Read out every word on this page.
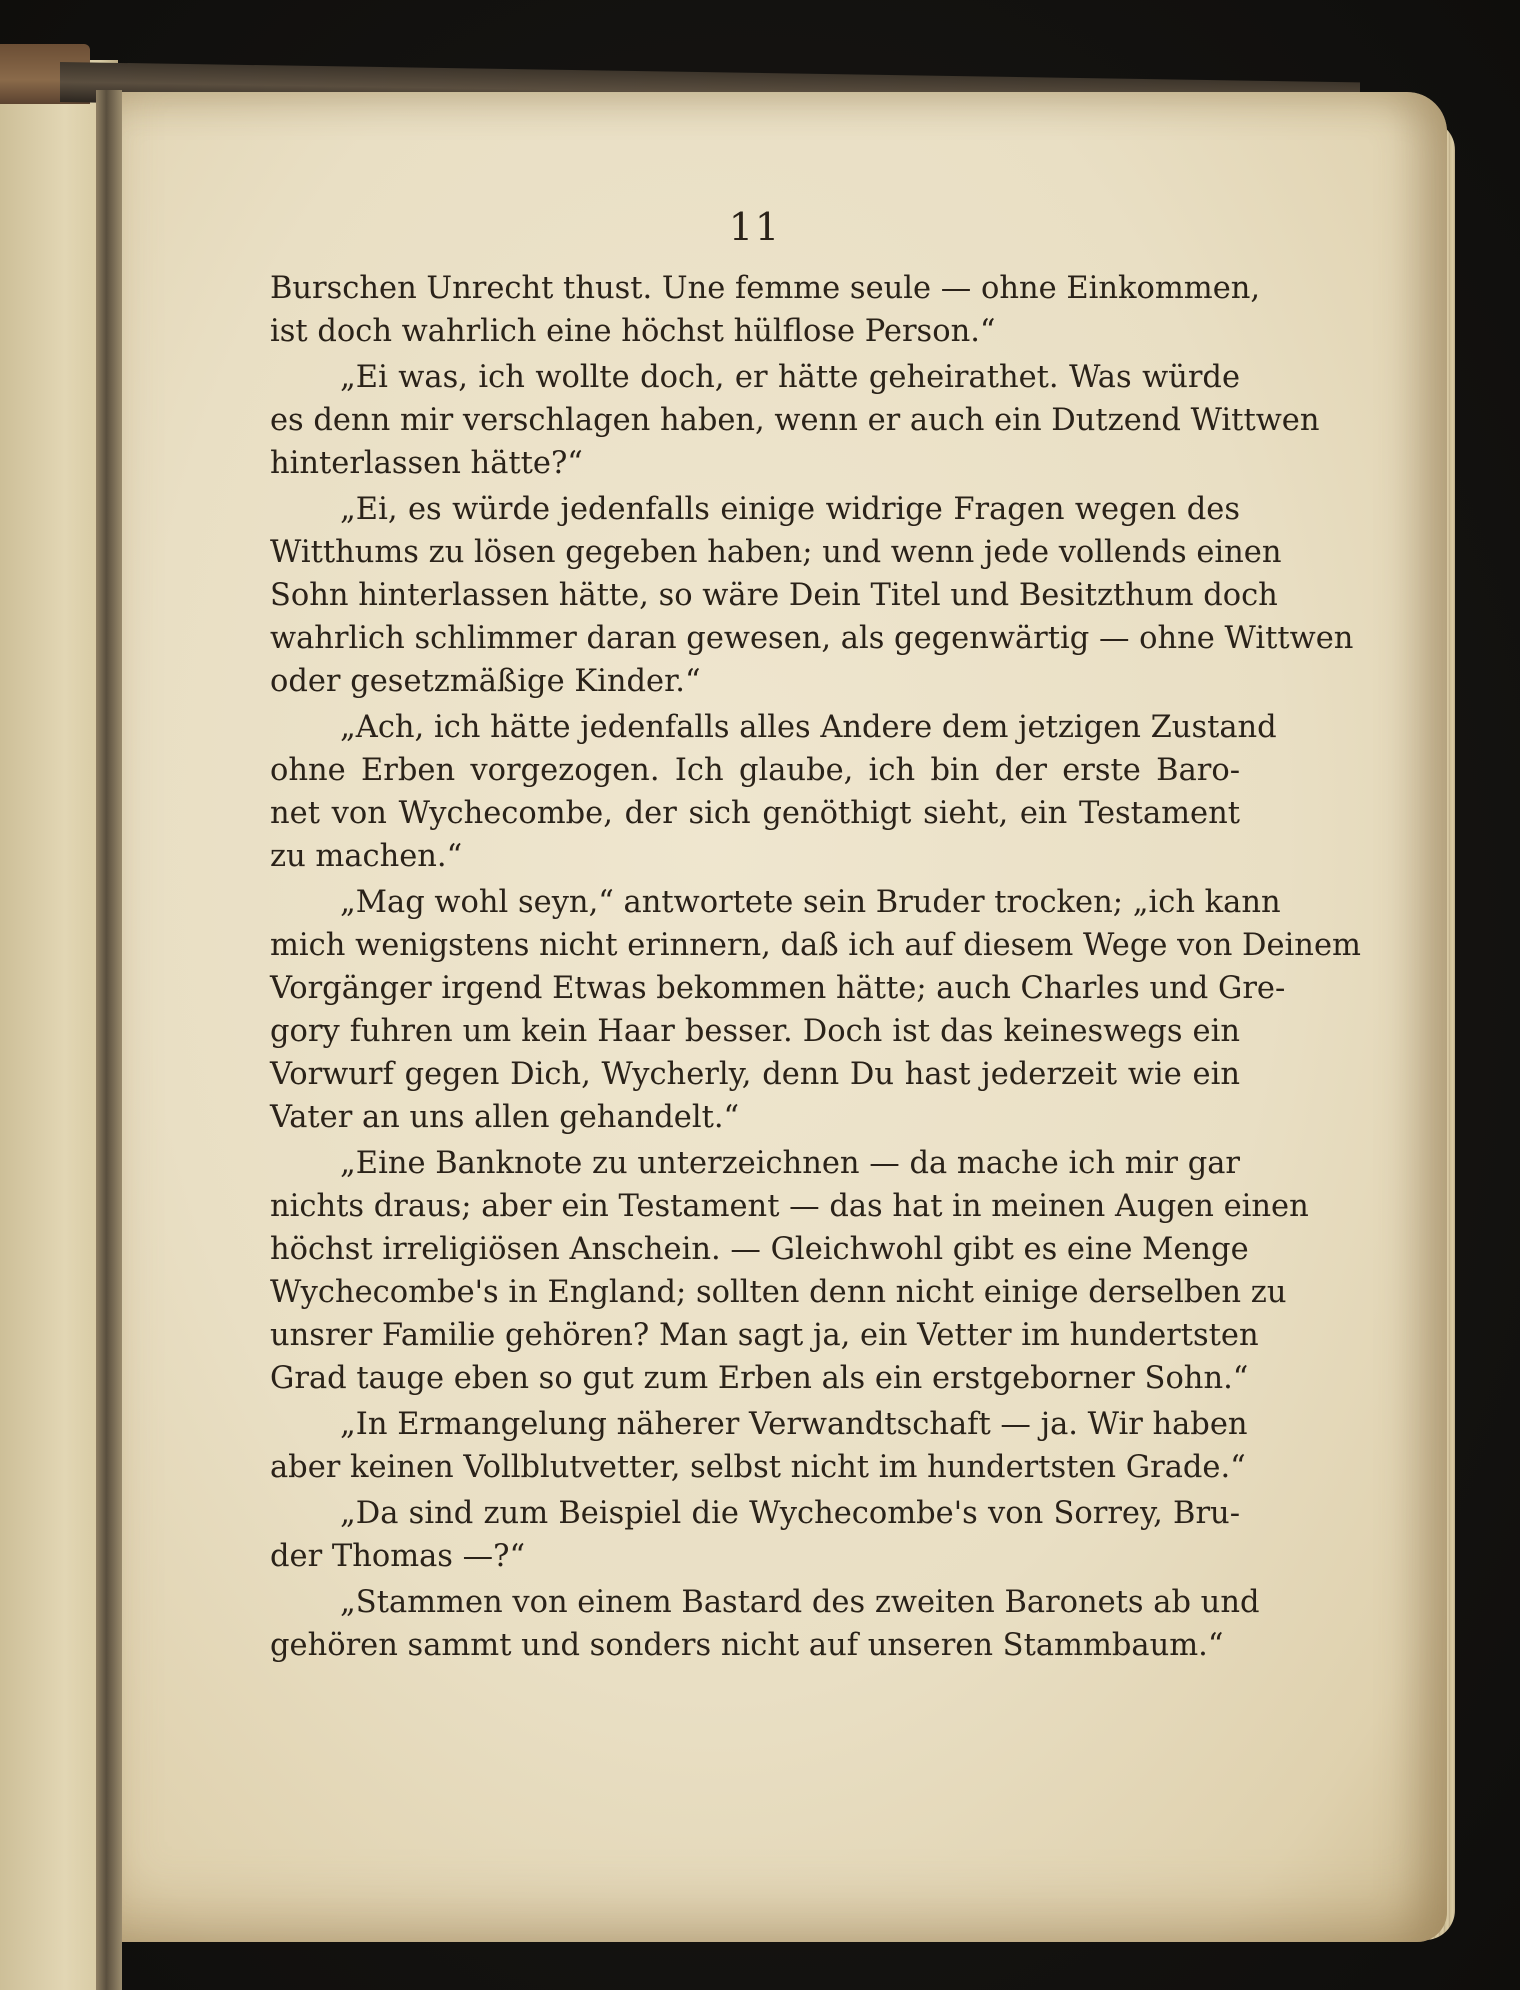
11
Burschen Unrecht thust. Une femme seule — ohne Einkommen,
ist doch wahrlich eine höchst hülflose Person.“
„Ei was, ich wollte doch, er hätte geheirathet. Was würde
es denn mir verschlagen haben, wenn er auch ein Dutzend Wittwen
hinterlassen hätte?“
„Ei, es würde jedenfalls einige widrige Fragen wegen des
Witthums zu lösen gegeben haben; und wenn jede vollends einen
Sohn hinterlassen hätte, so wäre Dein Titel und Besitzthum doch
wahrlich schlimmer daran gewesen, als gegenwärtig — ohne Wittwen
oder gesetzmäßige Kinder.“
„Ach, ich hätte jedenfalls alles Andere dem jetzigen Zustand
ohne Erben vorgezogen. Ich glaube, ich bin der erste Baro-
net von Wychecombe, der sich genöthigt sieht, ein Testament
zu machen.“
„Mag wohl seyn,“ antwortete sein Bruder trocken; „ich kann
mich wenigstens nicht erinnern, daß ich auf diesem Wege von Deinem
Vorgänger irgend Etwas bekommen hätte; auch Charles und Gre-
gory fuhren um kein Haar besser. Doch ist das keineswegs ein
Vorwurf gegen Dich, Wycherly, denn Du hast jederzeit wie ein
Vater an uns allen gehandelt.“
„Eine Banknote zu unterzeichnen — da mache ich mir gar
nichts draus; aber ein Testament — das hat in meinen Augen einen
höchst irreligiösen Anschein. — Gleichwohl gibt es eine Menge
Wychecombe's in England; sollten denn nicht einige derselben zu
unsrer Familie gehören? Man sagt ja, ein Vetter im hundertsten
Grad tauge eben so gut zum Erben als ein erstgeborner Sohn.“
„In Ermangelung näherer Verwandtschaft — ja. Wir haben
aber keinen Vollblutvetter, selbst nicht im hundertsten Grade.“
„Da sind zum Beispiel die Wychecombe's von Sorrey, Bru-
der Thomas —?“
„Stammen von einem Bastard des zweiten Baronets ab und
gehören sammt und sonders nicht auf unseren Stammbaum.“
